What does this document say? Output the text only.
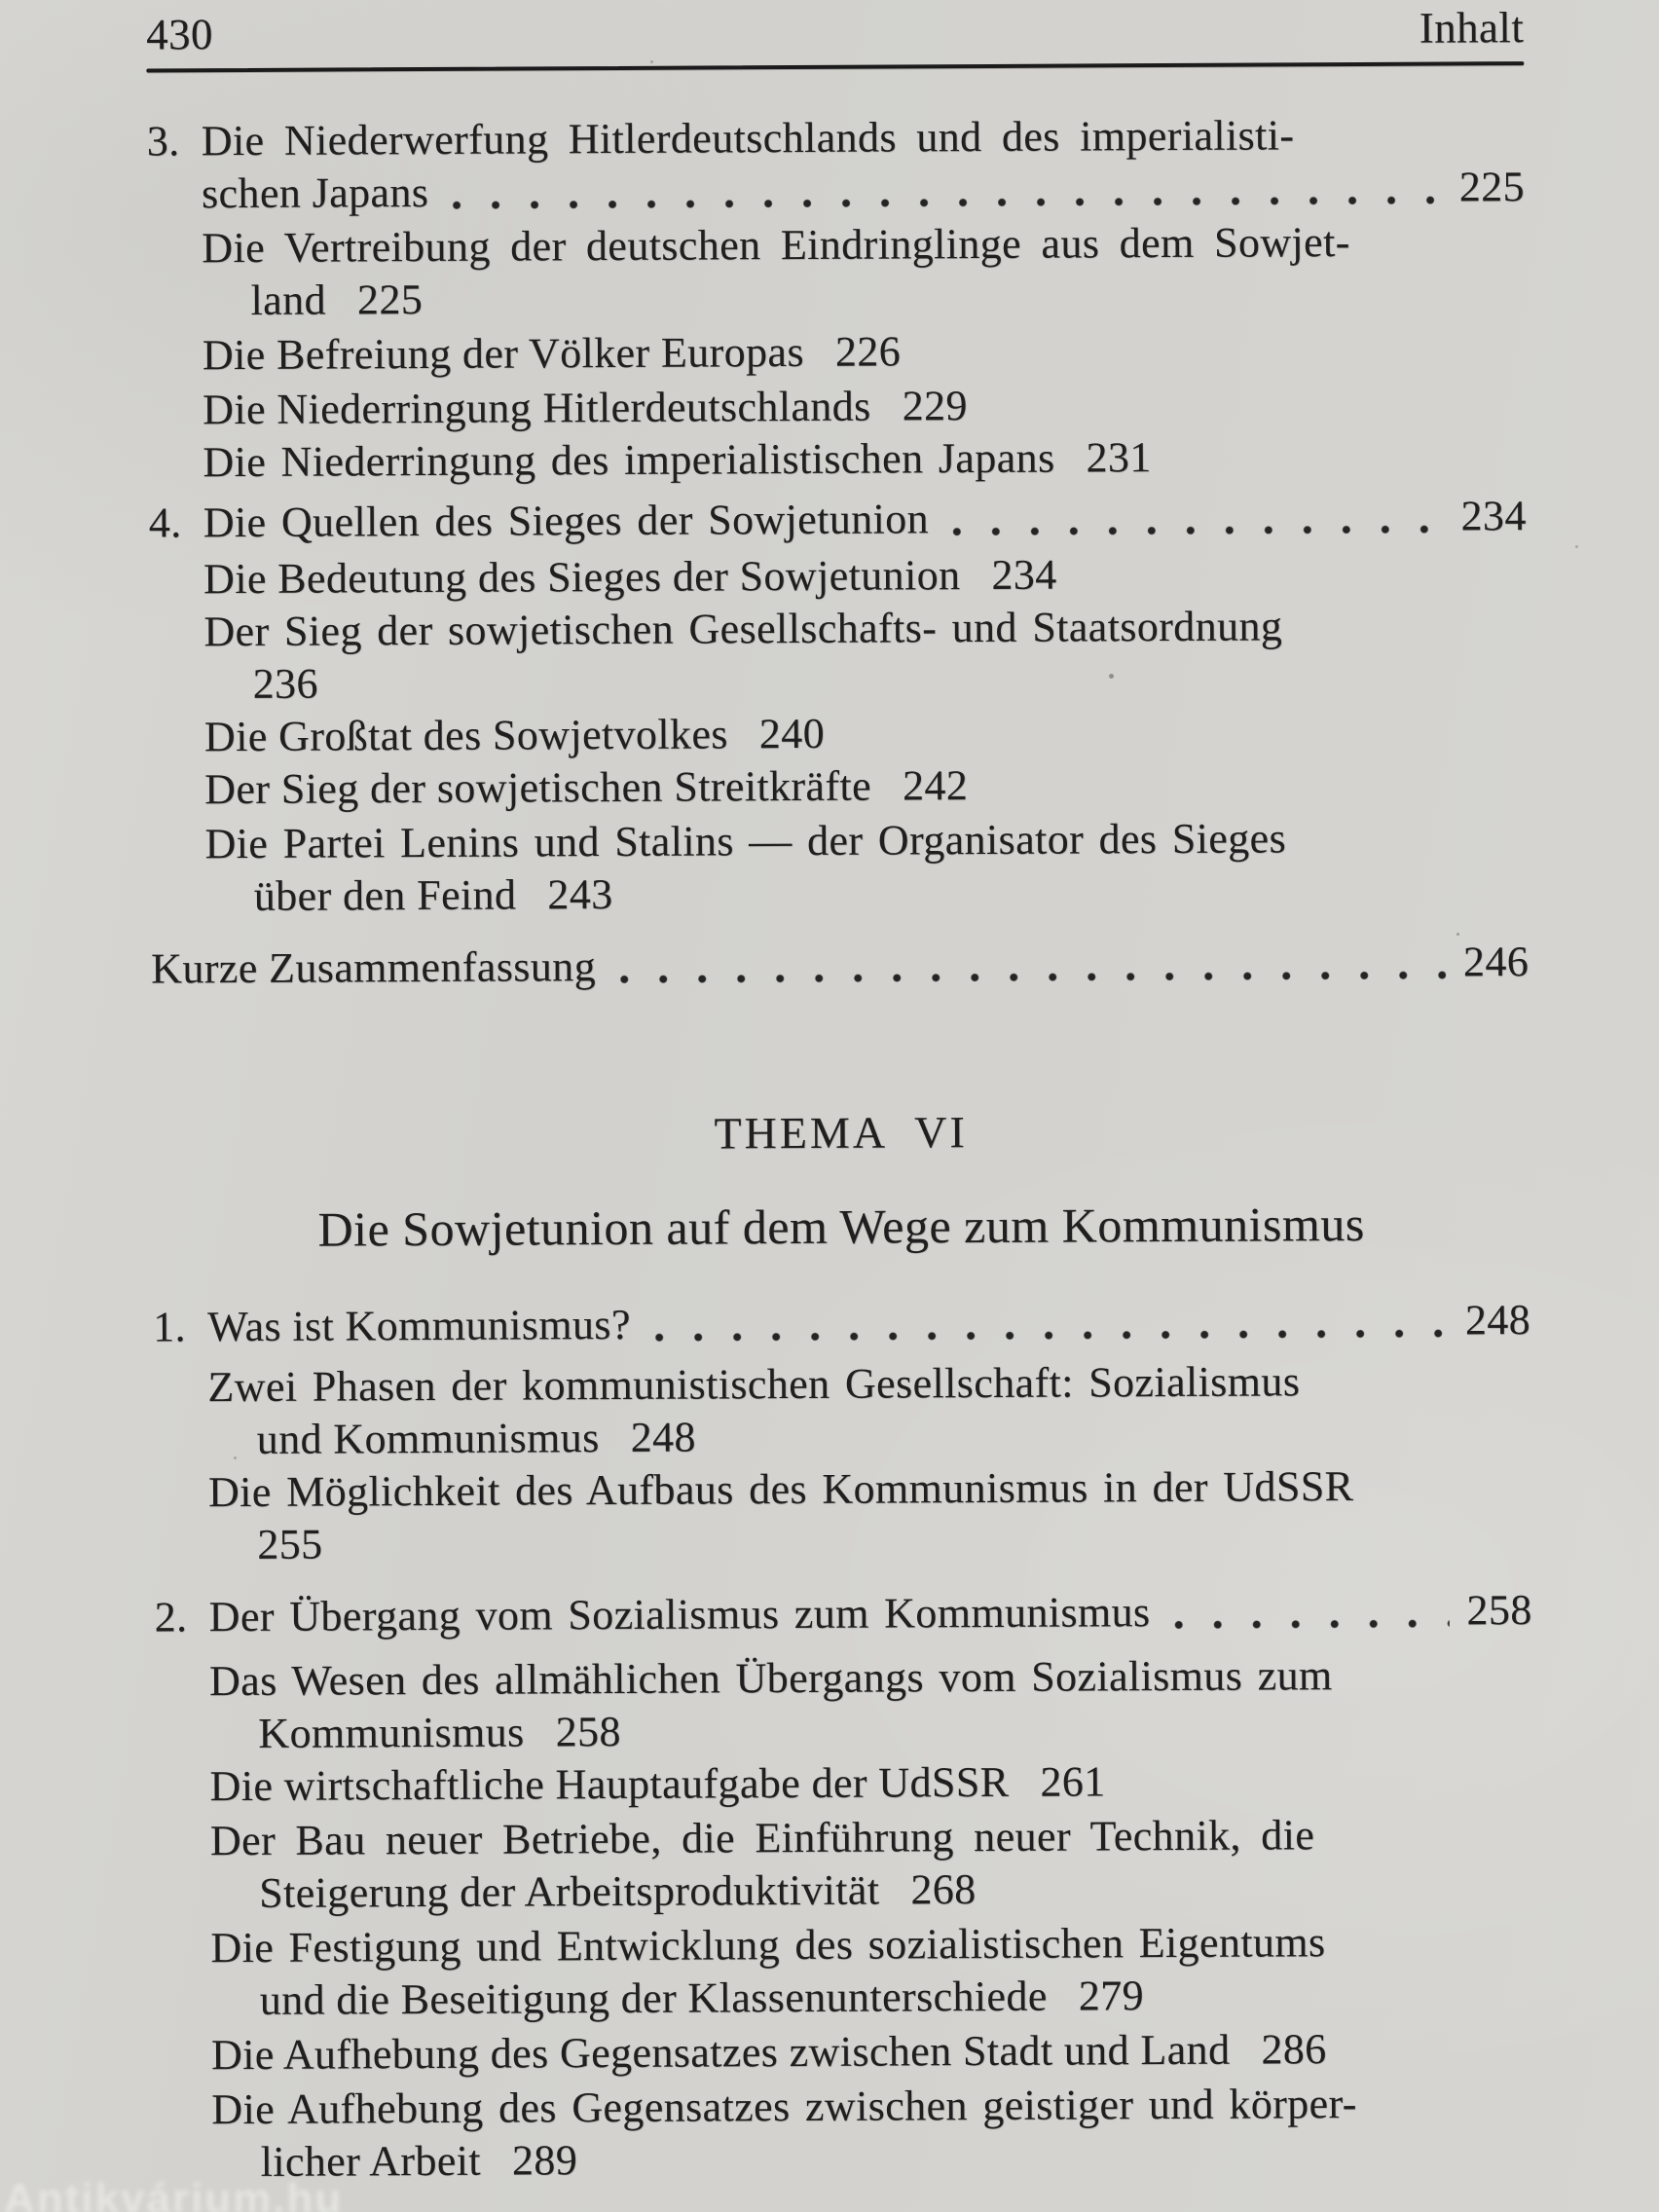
430	Inhalt
3. Die Niederwerfung Hitlerdeutschlands und des imperialisti-
schen Japans	225
Die Vertreibung der deutschen Eindringlinge aus dem Sowjet-
land 225
Die Befreiung der Völker Europas 226
Die Niederringung Hitlerdeutschlands 229
Die Niederringung des imperialistischen Japans 231
4. Die Quellen des Sieges der Sowjetunion	234
Die Bedeutung des Sieges der Sowjetunion 234
Der Sieg der sowjetischen Gesellschafts- und Staatsordnung
236
Die Großtat des Sowjetvolkes 240
Der Sieg der sowjetischen Streitkräfte 242
Die Partei Lenins und Stalins — der Organisator des Sieges
über den Feind 243
Kurze Zusammenfassung	246
THEMA VI
Die Sowjetunion auf dem Wege zum Kommunismus
1. Was ist Kommunismus?	248
Zwei Phasen der kommunistischen Gesellschaft: Sozialismus
und Kommunismus 248
Die Möglichkeit des Aufbaus des Kommunismus in der UdSSR
255
2. Der Übergang vom Sozialismus zum Kommunismus	258
Das Wesen des allmählichen Übergangs vom Sozialismus zum
Kommunismus 258
Die wirtschaftliche Hauptaufgabe der UdSSR 261
Der Bau neuer Betriebe, die Einführung neuer Technik, die
Steigerung der Arbeitsproduktivität 268
Die Festigung und Entwicklung des sozialistischen Eigentums
und die Beseitigung der Klassenunterschiede 279
Die Aufhebung des Gegensatzes zwischen Stadt und Land 286
Die Aufhebung des Gegensatzes zwischen geistiger und körper-
licher Arbeit 289
Antikvárium.hu
